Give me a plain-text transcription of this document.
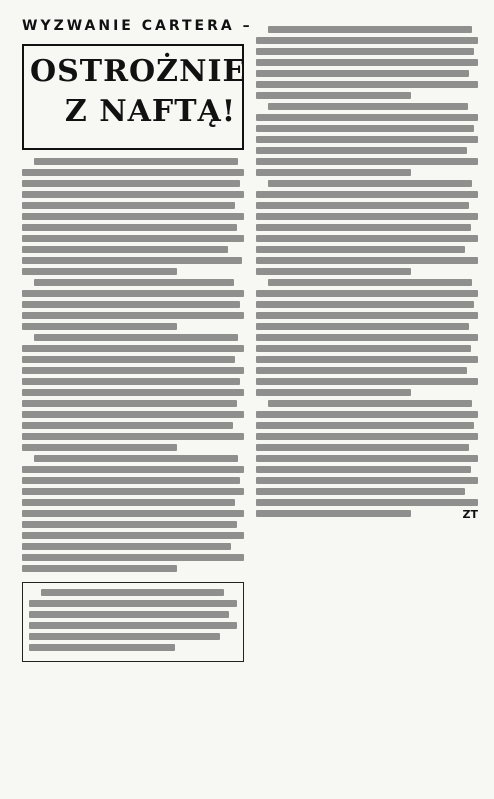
WYZWANIE CARTERA –
OSTROŻNIE
Z NAFTĄ!
ZT
